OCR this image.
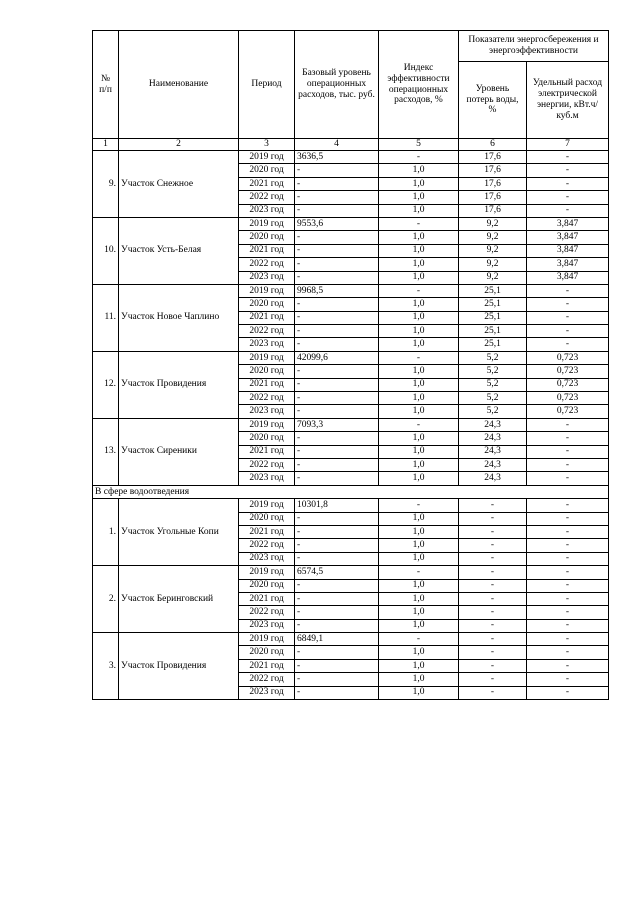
№
п/п	Наименование	Период	Базовый уровень операционных расходов, тыс. руб.	Индекс эффективности операционных расходов, %	Показатели энергосбережения и энергоэффективности	
					Уровень потерь воды, %	Удельный расход электрической энергии, кВт.ч/куб.м
1	2	3	4	5	6	7
9.	Участок Снежное	2019 год	3636,5	-	17,6	-
		2020 год	-	1,0	17,6	-
		2021 год	-	1,0	17,6	-
		2022 год	-	1,0	17,6	-
		2023 год	-	1,0	17,6	-
10.	Участок Усть-Белая	2019 год	9553,6	-	9,2	3,847
		2020 год	-	1,0	9,2	3,847
		2021 год	-	1,0	9,2	3,847
		2022 год	-	1,0	9,2	3,847
		2023 год	-	1,0	9,2	3,847
11.	Участок Новое Чаплино	2019 год	9968,5	-	25,1	-
		2020 год	-	1,0	25,1	-
		2021 год	-	1,0	25,1	-
		2022 год	-	1,0	25,1	-
		2023 год	-	1,0	25,1	-
12.	Участок Провидения	2019 год	42099,6	-	5,2	0,723
		2020 год	-	1,0	5,2	0,723
		2021 год	-	1,0	5,2	0,723
		2022 год	-	1,0	5,2	0,723
		2023 год	-	1,0	5,2	0,723
13.	Участок Сиреники	2019 год	7093,3	-	24,3	-
		2020 год	-	1,0	24,3	-
		2021 год	-	1,0	24,3	-
		2022 год	-	1,0	24,3	-
		2023 год	-	1,0	24,3	-
В сфере водоотведения						
1.	Участок Угольные Копи	2019 год	10301,8	-	-	-
		2020 год	-	1,0	-	-
		2021 год	-	1,0	-	-
		2022 год	-	1,0	-	-
		2023 год	-	1,0	-	-
2.	Участок Беринговский	2019 год	6574,5	-	-	-
		2020 год	-	1,0	-	-
		2021 год	-	1,0	-	-
		2022 год	-	1,0	-	-
		2023 год	-	1,0	-	-
3.	Участок Провидения	2019 год	6849,1	-	-	-
		2020 год	-	1,0	-	-
		2021 год	-	1,0	-	-
		2022 год	-	1,0	-	-
		2023 год	-	1,0	-	-
